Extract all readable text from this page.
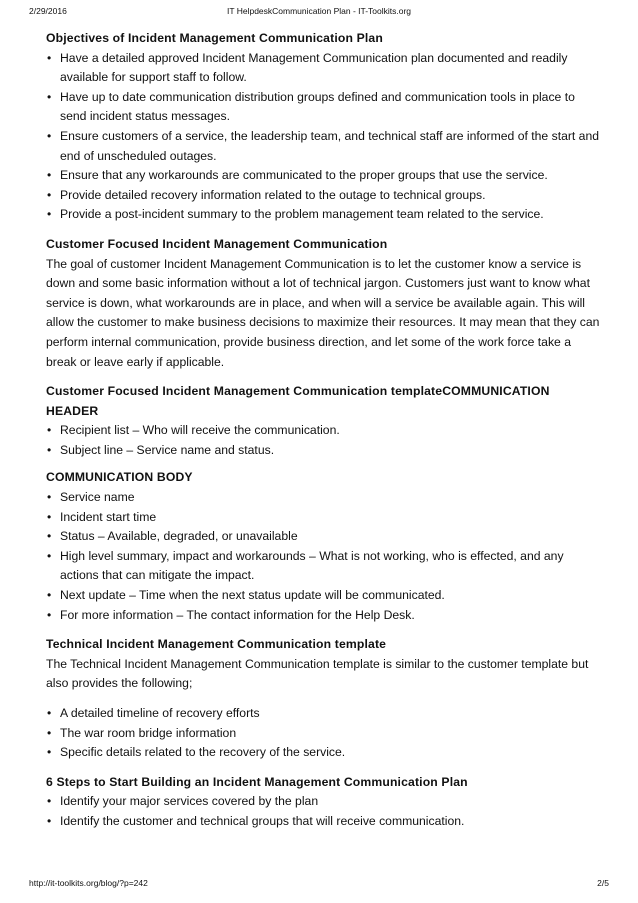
2/29/2016	IT HelpdeskCommunication Plan - IT-Toolkits.org
Objectives of Incident Management Communication Plan
• Have a detailed approved Incident Management Communication plan documented and readily available for support staff to follow.
• Have up to date communication distribution groups defined and communication tools in place to send incident status messages.
• Ensure customers of a service, the leadership team, and technical staff are informed of the start and end of unscheduled outages.
• Ensure that any workarounds are communicated to the proper groups that use the service.
• Provide detailed recovery information related to the outage to technical groups.
• Provide a post-incident summary to the problem management team related to the service.
Customer Focused Incident Management Communication

The goal of customer Incident Management Communication is to let the customer know a service is down and some basic information without a lot of technical jargon. Customers just want to know what service is down, what workarounds are in place, and when will a service be available again. This will allow the customer to make business decisions to maximize their resources. It may mean that they can perform internal communication, provide business direction, and let some of the work force take a break or leave early if applicable.

Customer Focused Incident Management Communication templateCOMMUNICATION HEADER
• Recipient list – Who will receive the communication.
• Subject line – Service name and status.
COMMUNICATION BODY
• Service name
• Incident start time
• Status – Available, degraded, or unavailable
• High level summary, impact and workarounds – What is not working, who is effected, and any actions that can mitigate the impact.
• Next update – Time when the next status update will be communicated.
• For more information – The contact information for the Help Desk.
Technical Incident Management Communication template

The Technical Incident Management Communication template is similar to the customer template but also provides the following;

• A detailed timeline of recovery efforts
• The war room bridge information
• Specific details related to the recovery of the service.
6 Steps to Start Building an Incident Management Communication Plan
• Identify your major services covered by the plan
• Identify the customer and technical groups that will receive communication.
http://it-toolkits.org/blog/?p=242	2/5
